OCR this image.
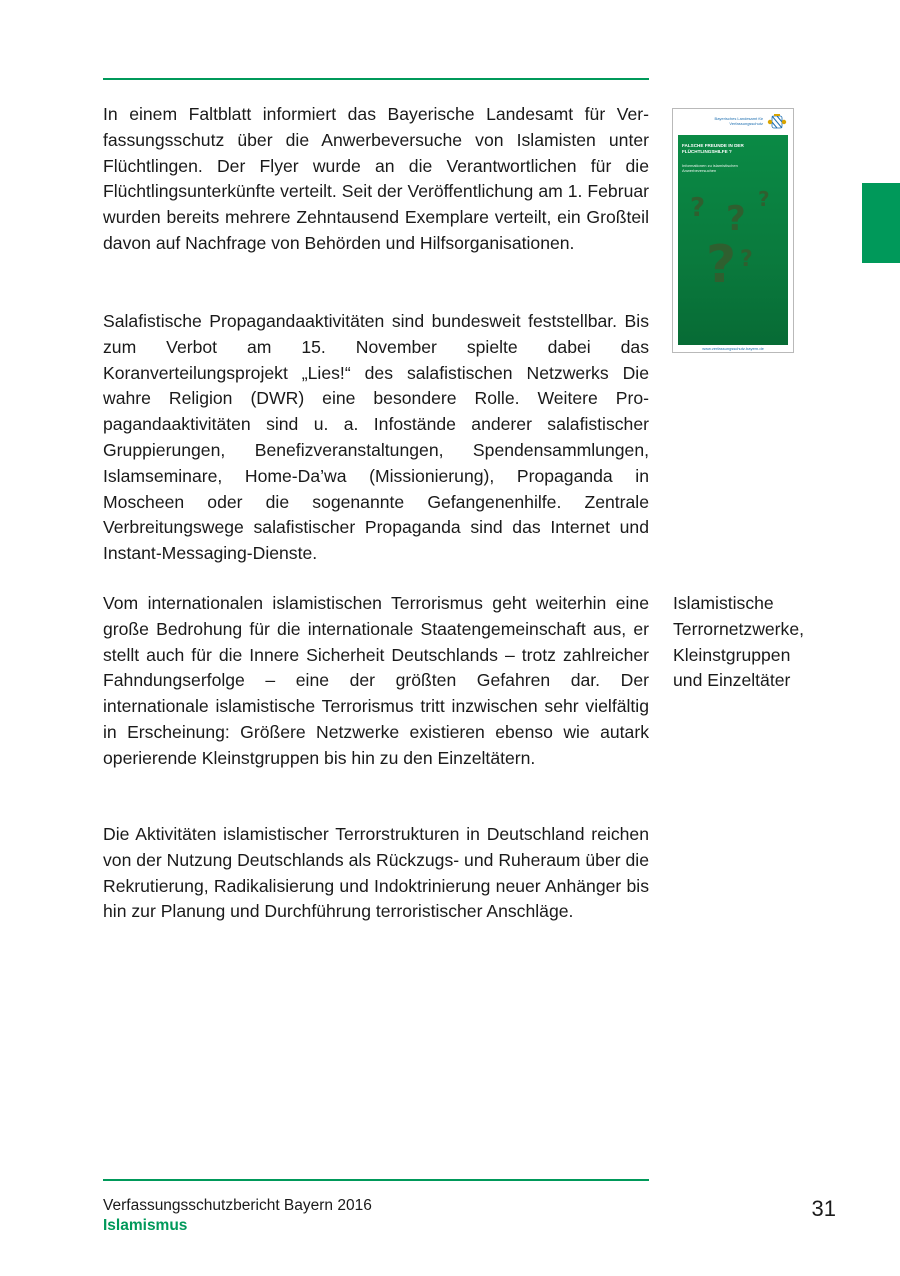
In einem Faltblatt informiert das Bayerische Landesamt für Verfassungsschutz über die Anwerbeversuche von Islamisten unter Flüchtlingen. Der Flyer wurde an die Verantwortlichen für die Flüchtlingsunterkünfte verteilt. Seit der Veröffentlichung am 1. Februar wurden bereits mehrere Zehntausend Exemplare verteilt, ein Großteil davon auf Nachfrage von Behörden und Hilfsorganisationen.

Salafistische Propagandaaktivitäten sind bundesweit feststellbar. Bis zum Verbot am 15. November spielte dabei das Koranverteilungsprojekt „Lies!“ des salafistischen Netzwerks Die wahre Religion (DWR) eine besondere Rolle. Weitere Propagandaaktivitäten sind u. a. Infostände anderer salafistischer Gruppierungen, Benefizveranstaltungen, Spendensammlungen, Islamseminare, Home-Da’wa (Missionierung), Propaganda in Moscheen oder die sogenannte Gefangenenhilfe. Zentrale Verbreitungswege salafistischer Propaganda sind das Internet und Instant-Messaging-Dienste.

Vom internationalen islamistischen Terrorismus geht weiterhin eine große Bedrohung für die internationale Staatengemeinschaft aus, er stellt auch für die Innere Sicherheit Deutschlands – trotz zahlreicher Fahndungserfolge – eine der größten Gefahren dar. Der internationale islamistische Terrorismus tritt inzwischen sehr vielfältig in Erscheinung: Größere Netzwerke existieren ebenso wie autark operierende Kleinstgruppen bis hin zu den Einzeltätern.

Die Aktivitäten islamistischer Terrorstrukturen in Deutschland reichen von der Nutzung Deutschlands als Rückzugs- und Ruheraum über die Rekrutierung, Radikalisierung und Indoktrinierung neuer Anhänger bis hin zur Planung und Durchführung terroristischer Anschläge.

Islamistische
Terrornetzwerke,
Kleinstgruppen
und Einzeltäter
Bayerisches Landesamt für Verfassungsschutz
FALSCHE FREUNDE IN DER FLÜCHTLINGSHILFE ?
Informationen zu islamistischen Anwerbeversuchen
? ? ?
? ?
www.verfassungsschutz.bayern.de
Verfassungsschutzbericht Bayern 2016
Islamismus
31
